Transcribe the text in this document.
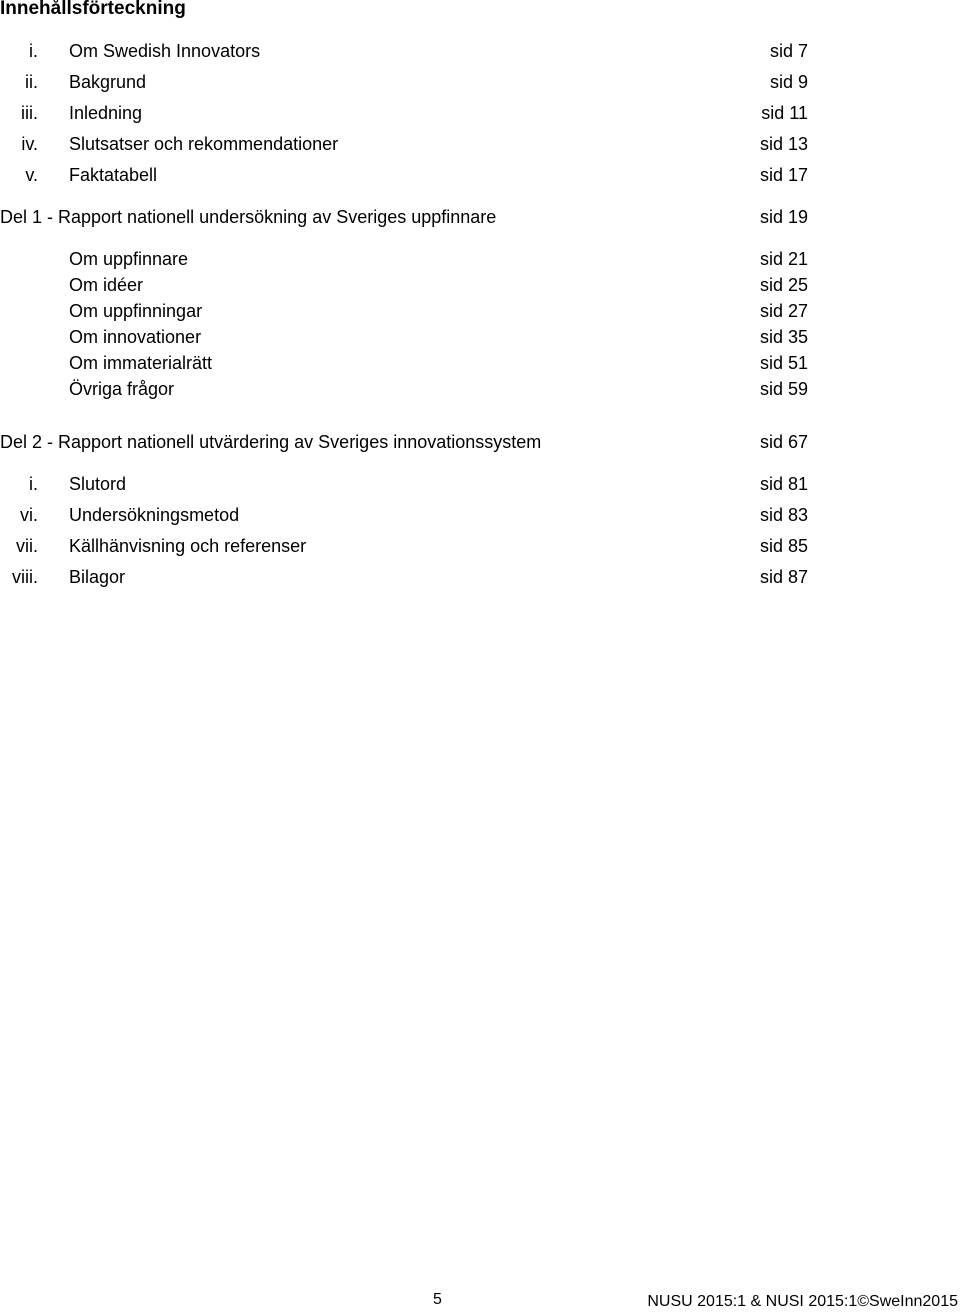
Innehållsförteckning
i. Om Swedish Innovators	sid 7
ii. Bakgrund	sid 9
iii. Inledning	sid 11
iv. Slutsatser och rekommendationer	sid 13
v. Faktatabell	sid 17
Del 1 - Rapport nationell undersökning av Sveriges uppfinnare	sid 19
Om uppfinnare	sid 21
Om idéer	sid 25
Om uppfinningar	sid 27
Om innovationer	sid 35
Om immaterialrätt	sid 51
Övriga frågor	sid 59
Del 2 - Rapport nationell utvärdering av Sveriges innovationssystem	sid 67
i. Slutord	sid 81
vi. Undersökningsmetod	sid 83
vii. Källhänvisning och referenser	sid 85
viii. Bilagor	sid 87
5	NUSU 2015:1 & NUSI 2015:1©SweInn2015
